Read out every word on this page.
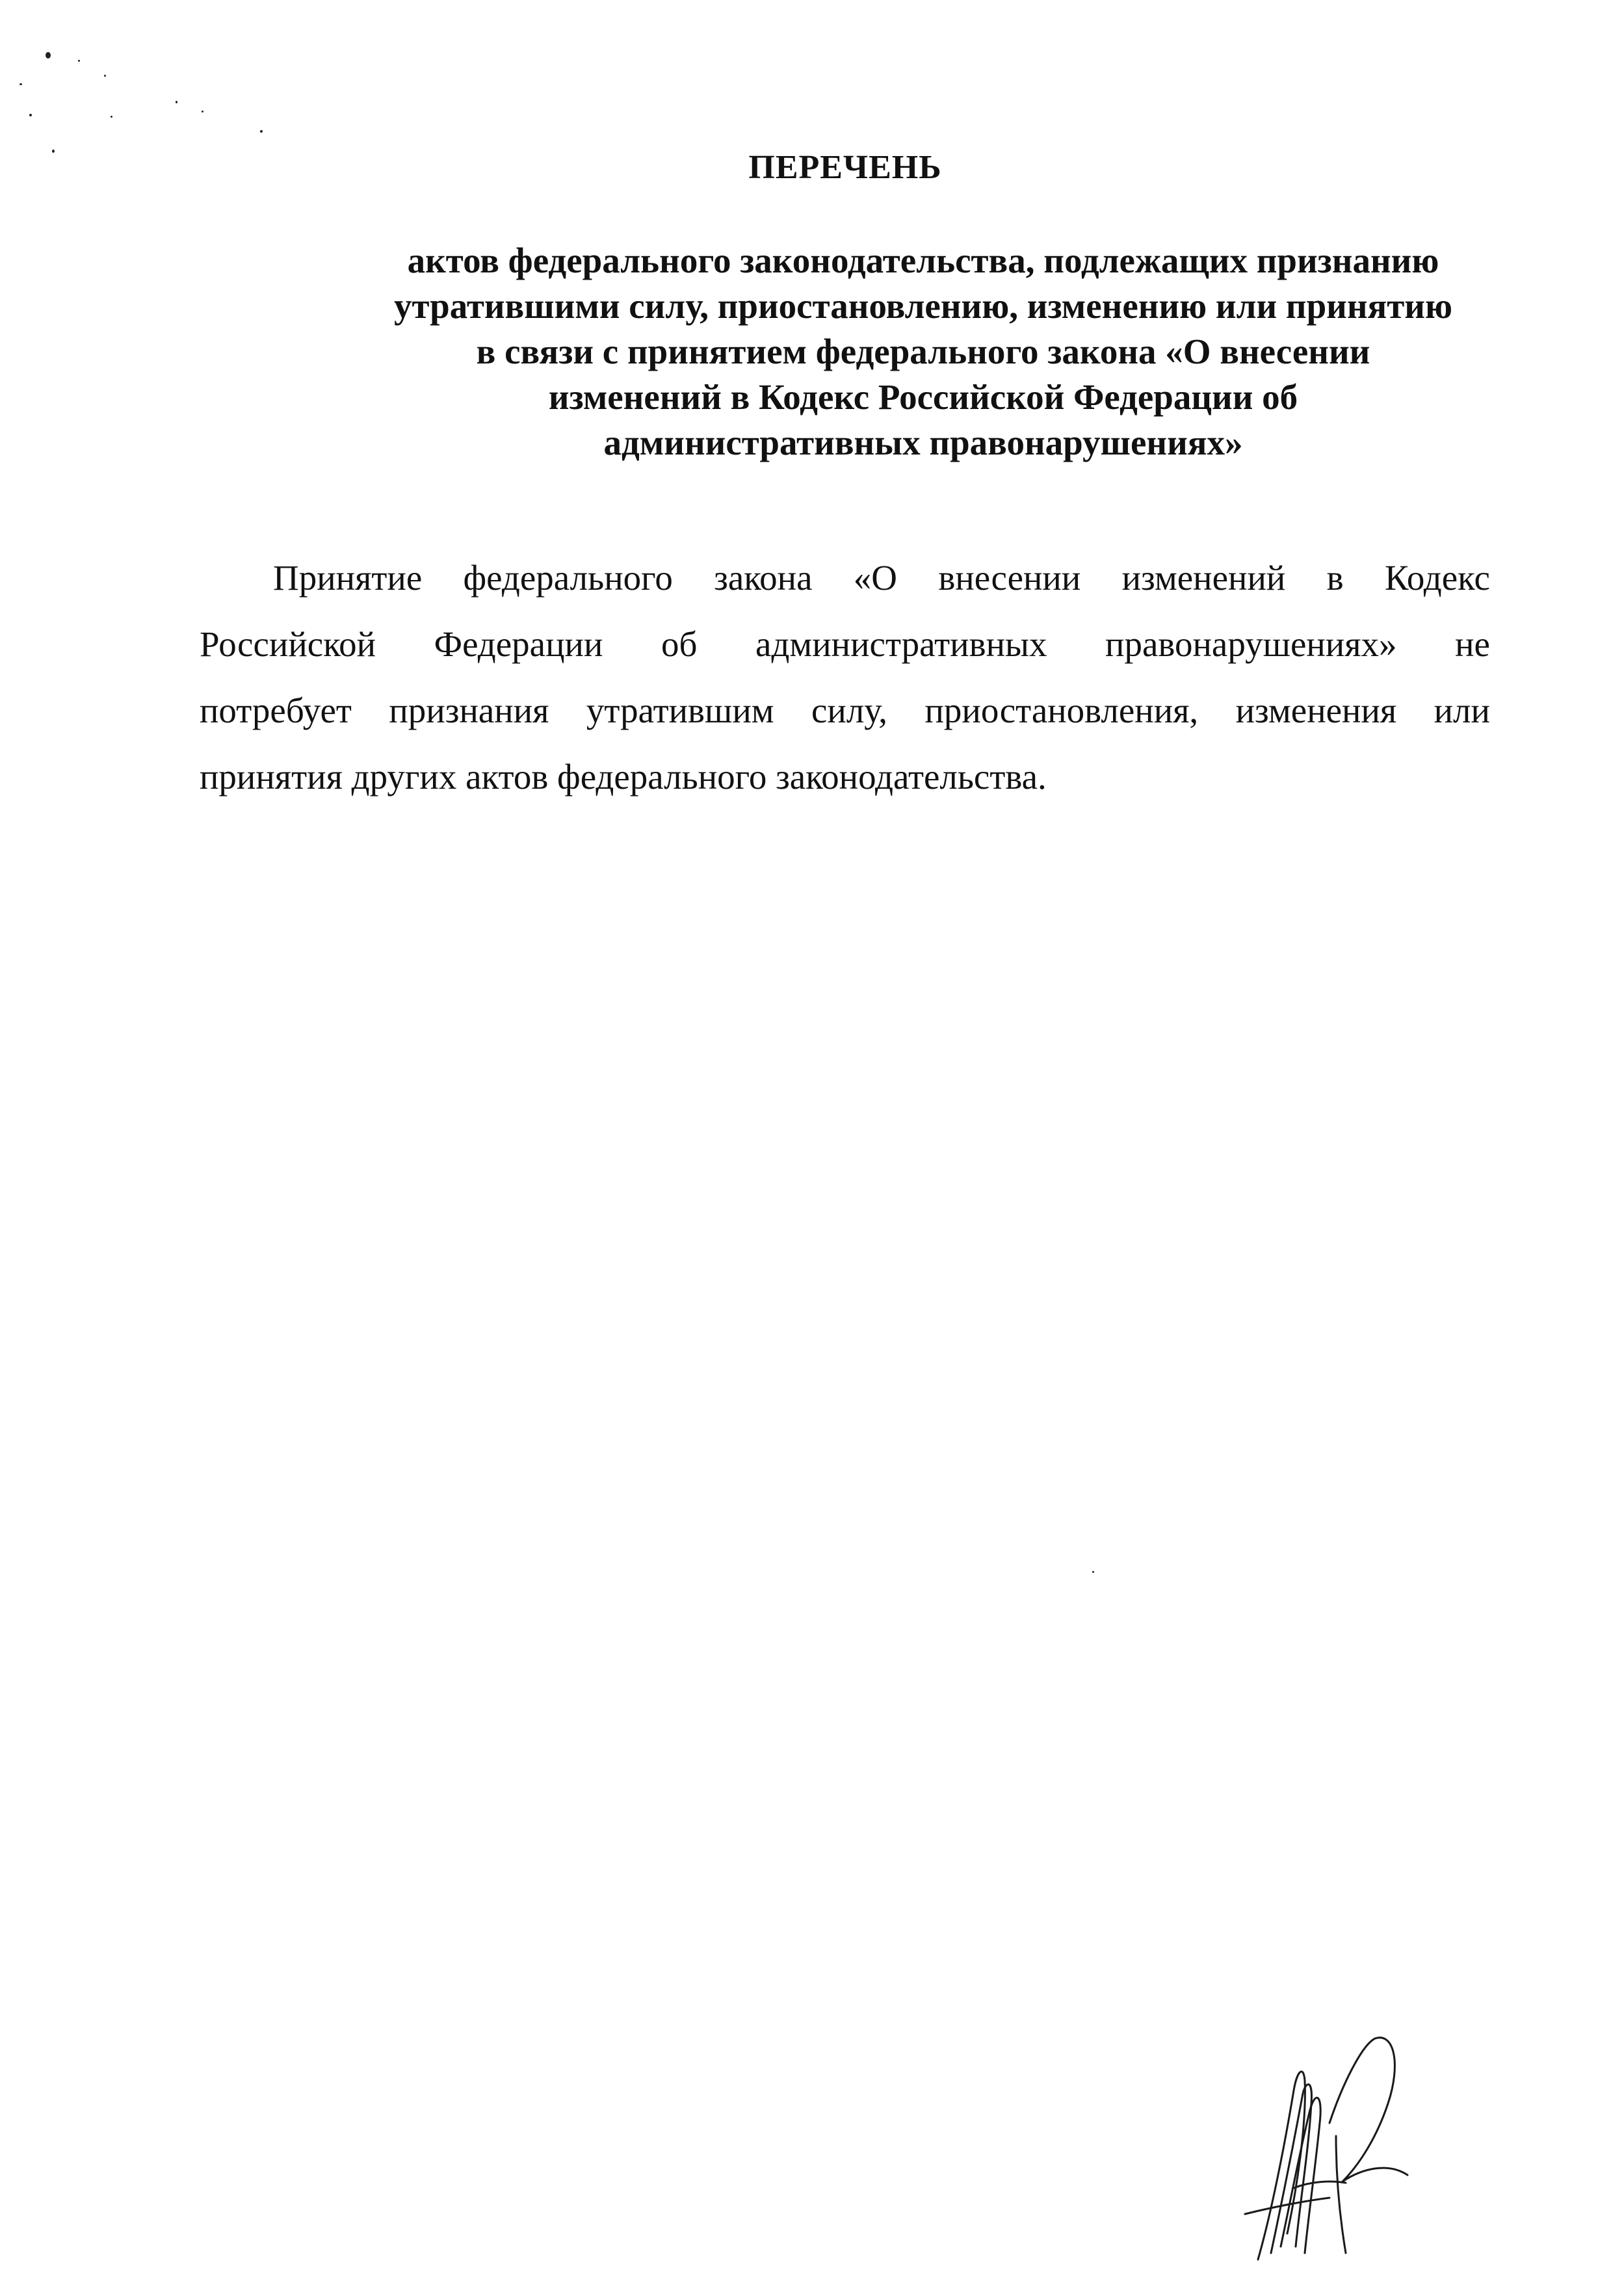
ПЕРЕЧЕНЬ
актов федерального законодательства, подлежащих признанию
утратившими силу, приостановлению, изменению или принятию
в связи с принятием федерального закона «О внесении
изменений в Кодекс Российской Федерации об
административных правонарушениях»
Принятие федерального закона «О внесении изменений в Кодекс
Российской Федерации об административных правонарушениях» не
потребует признания утратившим силу, приостановления, изменения или
принятия других актов федерального законодательства.
